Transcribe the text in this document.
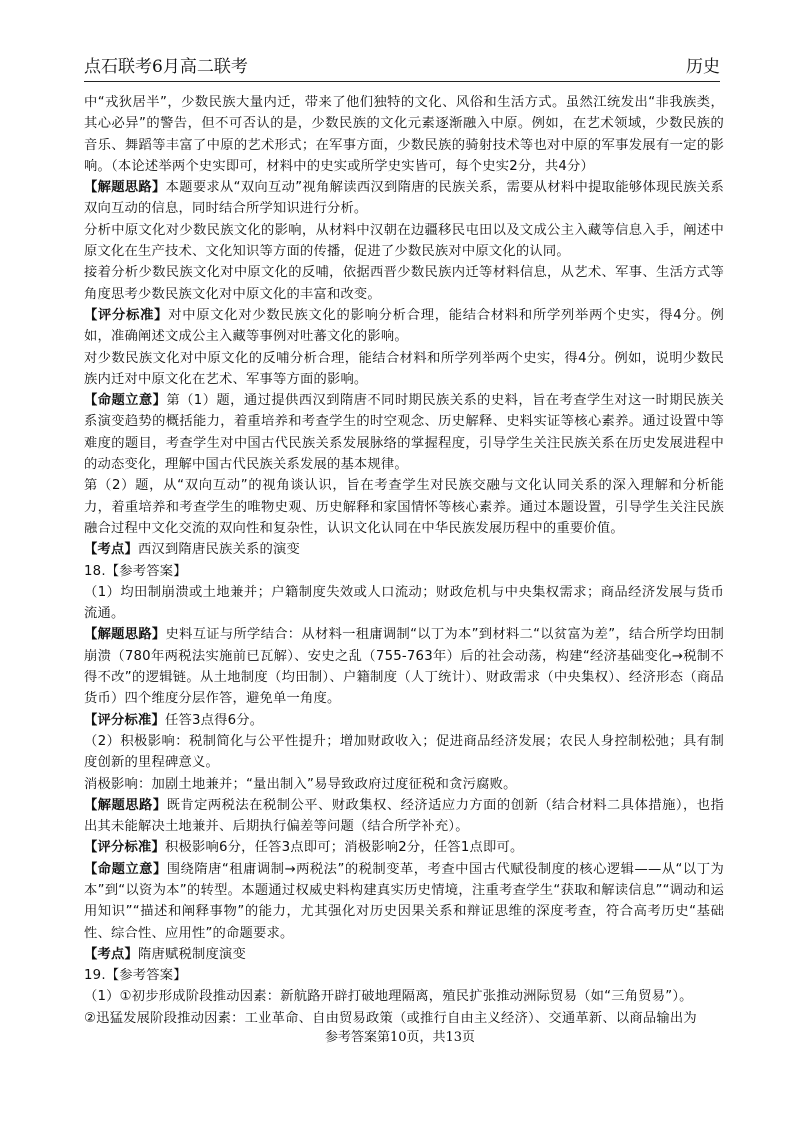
点石联考6月高二联考	历史

中“戎狄居半”，少数民族大量内迁，带来了他们独特的文化、风俗和生活方式。虽然江统发出“非我族类，其心必异”的警告，但不可否认的是，少数民族的文化元素逐渐融入中原。例如，在艺术领域，少数民族的音乐、舞蹈等丰富了中原的艺术形式；在军事方面，少数民族的骑射技术等也对中原的军事发展有一定的影响。（本论述举两个史实即可，材料中的史实或所学史实皆可，每个史实2分，共4分）

【解题思路】本题要求从“双向互动”视角解读西汉到隋唐的民族关系，需要从材料中提取能够体现民族关系双向互动的信息，同时结合所学知识进行分析。

分析中原文化对少数民族文化的影响，从材料中汉朝在边疆移民屯田以及文成公主入藏等信息入手，阐述中原文化在生产技术、文化知识等方面的传播，促进了少数民族对中原文化的认同。

接着分析少数民族文化对中原文化的反哺，依据西晋少数民族内迁等材料信息，从艺术、军事、生活方式等角度思考少数民族文化对中原文化的丰富和改变。

【评分标准】对中原文化对少数民族文化的影响分析合理，能结合材料和所学列举两个史实，得4分。例如，准确阐述文成公主入藏等事例对吐蕃文化的影响。

对少数民族文化对中原文化的反哺分析合理，能结合材料和所学列举两个史实，得4分。例如，说明少数民族内迁对中原文化在艺术、军事等方面的影响。

【命题立意】第（1）题，通过提供西汉到隋唐不同时期民族关系的史料，旨在考查学生对这一时期民族关系演变趋势的概括能力，着重培养和考查学生的时空观念、历史解释、史料实证等核心素养。通过设置中等难度的题目，考查学生对中国古代民族关系发展脉络的掌握程度，引导学生关注民族关系在历史发展进程中的动态变化，理解中国古代民族关系发展的基本规律。

第（2）题，从“双向互动”的视角谈认识，旨在考查学生对民族交融与文化认同关系的深入理解和分析能力，着重培养和考查学生的唯物史观、历史解释和家国情怀等核心素养。通过本题设置，引导学生关注民族融合过程中文化交流的双向性和复杂性，认识文化认同在中华民族发展历程中的重要价值。

【考点】西汉到隋唐民族关系的演变

18.【参考答案】

（1）均田制崩溃或土地兼并；户籍制度失效或人口流动；财政危机与中央集权需求；商品经济发展与货币流通。

【解题思路】史料互证与所学结合：从材料一租庸调制“以丁为本”到材料二“以贫富为差”，结合所学均田制崩溃（780年两税法实施前已瓦解）、安史之乱（755-763年）后的社会动荡，构建“经济基础变化→税制不得不改”的逻辑链。从土地制度（均田制）、户籍制度（人丁统计）、财政需求（中央集权）、经济形态（商品货币）四个维度分层作答，避免单一角度。

【评分标准】任答3点得6分。

（2）积极影响：税制简化与公平性提升；增加财政收入；促进商品经济发展；农民人身控制松弛；具有制度创新的里程碑意义。

消极影响：加剧土地兼并；“量出制入”易导致政府过度征税和贪污腐败。

【解题思路】既肯定两税法在税制公平、财政集权、经济适应力方面的创新（结合材料二具体措施），也指出其未能解决土地兼并、后期执行偏差等问题（结合所学补充）。

【评分标准】积极影响6分，任答3点即可；消极影响2分，任答1点即可。

【命题立意】围绕隋唐“租庸调制→两税法”的税制变革，考查中国古代赋役制度的核心逻辑——从“以丁为本”到“以资为本”的转型。本题通过权威史料构建真实历史情境，注重考查学生“获取和解读信息”“调动和运用知识”“描述和阐释事物”的能力，尤其强化对历史因果关系和辩证思维的深度考查，符合高考历史“基础性、综合性、应用性”的命题要求。

【考点】隋唐赋税制度演变

19.【参考答案】

（1）①初步形成阶段推动因素：新航路开辟打破地理隔离，殖民扩张推动洲际贸易（如“三角贸易”）。

②迅猛发展阶段推动因素：工业革命、自由贸易政策（或推行自由主义经济）、交通革新、以商品输出为

参考答案第10页，共13页
